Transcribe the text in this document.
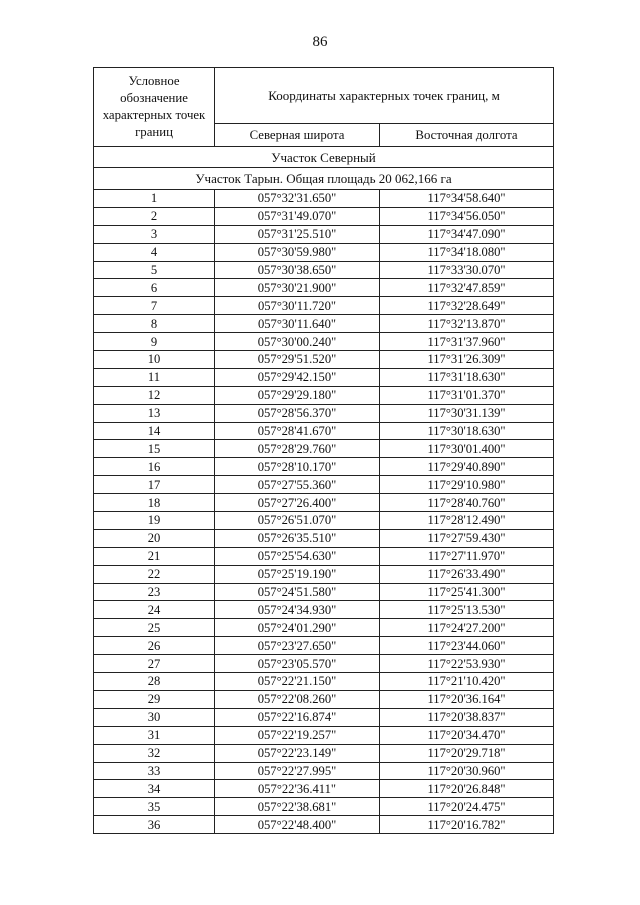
86
Условное обозначение характерных точек границ	Координаты характерных точек границ, м	
	Северная широта	Восточная долгота
Участок Северный		
Участок Тарын. Общая площадь 20 062,166 га		
1	057°32'31.650"	117°34'58.640"
2	057°31'49.070"	117°34'56.050"
3	057°31'25.510"	117°34'47.090"
4	057°30'59.980"	117°34'18.080"
5	057°30'38.650"	117°33'30.070"
6	057°30'21.900"	117°32'47.859"
7	057°30'11.720"	117°32'28.649"
8	057°30'11.640"	117°32'13.870"
9	057°30'00.240"	117°31'37.960"
10	057°29'51.520"	117°31'26.309"
11	057°29'42.150"	117°31'18.630"
12	057°29'29.180"	117°31'01.370"
13	057°28'56.370"	117°30'31.139"
14	057°28'41.670"	117°30'18.630"
15	057°28'29.760"	117°30'01.400"
16	057°28'10.170"	117°29'40.890"
17	057°27'55.360"	117°29'10.980"
18	057°27'26.400"	117°28'40.760"
19	057°26'51.070"	117°28'12.490"
20	057°26'35.510"	117°27'59.430"
21	057°25'54.630"	117°27'11.970"
22	057°25'19.190"	117°26'33.490"
23	057°24'51.580"	117°25'41.300"
24	057°24'34.930"	117°25'13.530"
25	057°24'01.290"	117°24'27.200"
26	057°23'27.650"	117°23'44.060"
27	057°23'05.570"	117°22'53.930"
28	057°22'21.150"	117°21'10.420"
29	057°22'08.260"	117°20'36.164"
30	057°22'16.874"	117°20'38.837"
31	057°22'19.257"	117°20'34.470"
32	057°22'23.149"	117°20'29.718"
33	057°22'27.995"	117°20'30.960"
34	057°22'36.411"	117°20'26.848"
35	057°22'38.681"	117°20'24.475"
36	057°22'48.400"	117°20'16.782"
